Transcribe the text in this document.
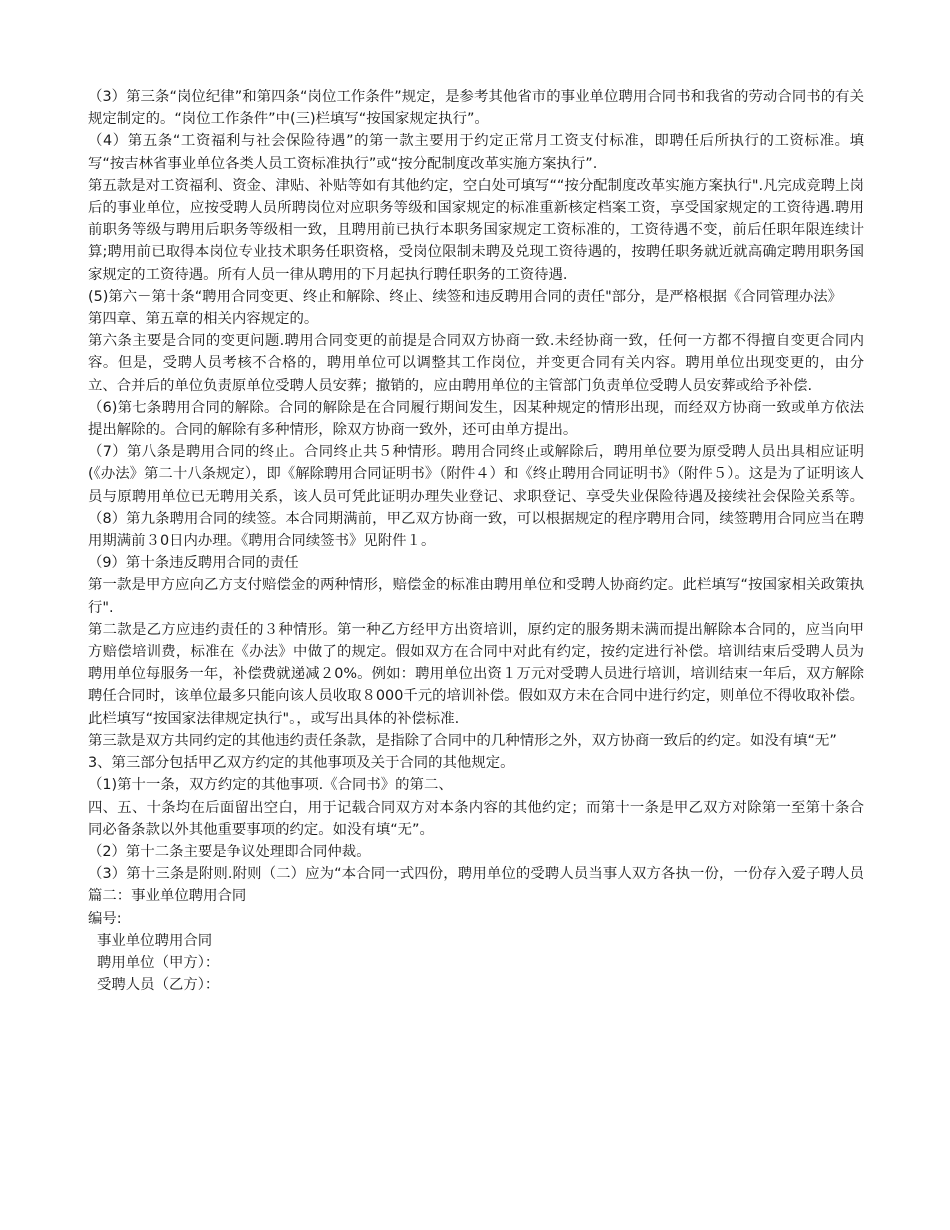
（3）第三条“岗位纪律”和第四条“岗位工作条件”规定，是参考其他省市的事业单位聘用合同书和我省的劳动合同书的有关规定制定的。“岗位工作条件”中(三)栏填写“按国家规定执行”。

（4）第五条“工资福利与社会保险待遇”的第一款主要用于约定正常月工资支付标准，即聘任后所执行的工资标准。填写“按吉林省事业单位各类人员工资标准执行”或“按分配制度改革实施方案执行”.

第五款是对工资福利、资金、津贴、补贴等如有其他约定，空白处可填写““按分配制度改革实施方案执行".凡完成竞聘上岗后的事业单位，应按受聘人员所聘岗位对应职务等级和国家规定的标准重新核定档案工资，享受国家规定的工资待遇.聘用前职务等级与聘用后职务等级相一致，且聘用前已执行本职务国家规定工资标准的，工资待遇不变，前后任职年限连续计算;聘用前已取得本岗位专业技术职务任职资格，受岗位限制未聘及兑现工资待遇的，按聘任职务就近就高确定聘用职务国家规定的工资待遇。所有人员一律从聘用的下月起执行聘任职务的工资待遇.

(5)第六－第十条“聘用合同变更、终止和解除、终止、续签和违反聘用合同的责任"部分，是严格根据《合同管理办法》

第四章、第五章的相关内容规定的。

第六条主要是合同的变更问题.聘用合同变更的前提是合同双方协商一致.未经协商一致，任何一方都不得擅自变更合同内容。但是，受聘人员考核不合格的，聘用单位可以调整其工作岗位，并变更合同有关内容。聘用单位出现变更的，由分立、合并后的单位负责原单位受聘人员安葬；撤销的，应由聘用单位的主管部门负责单位受聘人员安葬或给予补偿.

（6)第七条聘用合同的解除。合同的解除是在合同履行期间发生，因某种规定的情形出现，而经双方协商一致或单方依法提出解除的。合同的解除有多种情形，除双方协商一致外，还可由单方提出。

（7）第八条是聘用合同的终止。合同终止共５种情形。聘用合同终止或解除后，聘用单位要为原受聘人员出具相应证明(《办法》第二十八条规定），即《解除聘用合同证明书》（附件４）和《终止聘用合同证明书》（附件５）。这是为了证明该人员与原聘用单位已无聘用关系，该人员可凭此证明办理失业登记、求职登记、享受失业保险待遇及接续社会保险关系等。（8）第九条聘用合同的续签。本合同期满前，甲乙双方协商一致，可以根据规定的程序聘用合同，续签聘用合同应当在聘用期满前３0日内办理。《聘用合同续签书》见附件１。

（9）第十条违反聘用合同的责任

第一款是甲方应向乙方支付赔偿金的两种情形，赔偿金的标准由聘用单位和受聘人协商约定。此栏填写“按国家相关政策执行".

第二款是乙方应违约责任的３种情形。第一种乙方经甲方出资培训，原约定的服务期未满而提出解除本合同的，应当向甲方赔偿培训费，标准在《办法》中做了的规定。假如双方在合同中对此有约定，按约定进行补偿。培训结束后受聘人员为聘用单位每服务一年，补偿费就递减２0%。例如：聘用单位出资１万元对受聘人员进行培训，培训结束一年后，双方解除聘任合同时，该单位最多只能向该人员收取８000千元的培训补偿。假如双方未在合同中进行约定，则单位不得收取补偿。此栏填写“按国家法律规定执行"。，或写出具体的补偿标准.

第三款是双方共同约定的其他违约责任条款，是指除了合同中的几种情形之外，双方协商一致后的约定。如没有填“无”

3、第三部分包括甲乙双方约定的其他事项及关于合同的其他规定。

（1)第十一条，双方约定的其他事项.《合同书》的第二、

四、五、十条均在后面留出空白，用于记载合同双方对本条内容的其他约定；而第十一条是甲乙双方对除第一至第十条合同必备条款以外其他重要事项的约定。如没有填“无”。

（2）第十二条主要是争议处理即合同仲裁。

（3）第十三条是附则.附则（二）应为“本合同一式四份，聘用单位的受聘人员当事人双方各执一份，一份存入爱子聘人员篇二：事业单位聘用合同

编号:

事业单位聘用合同

聘用单位（甲方）：

受聘人员（乙方）：
